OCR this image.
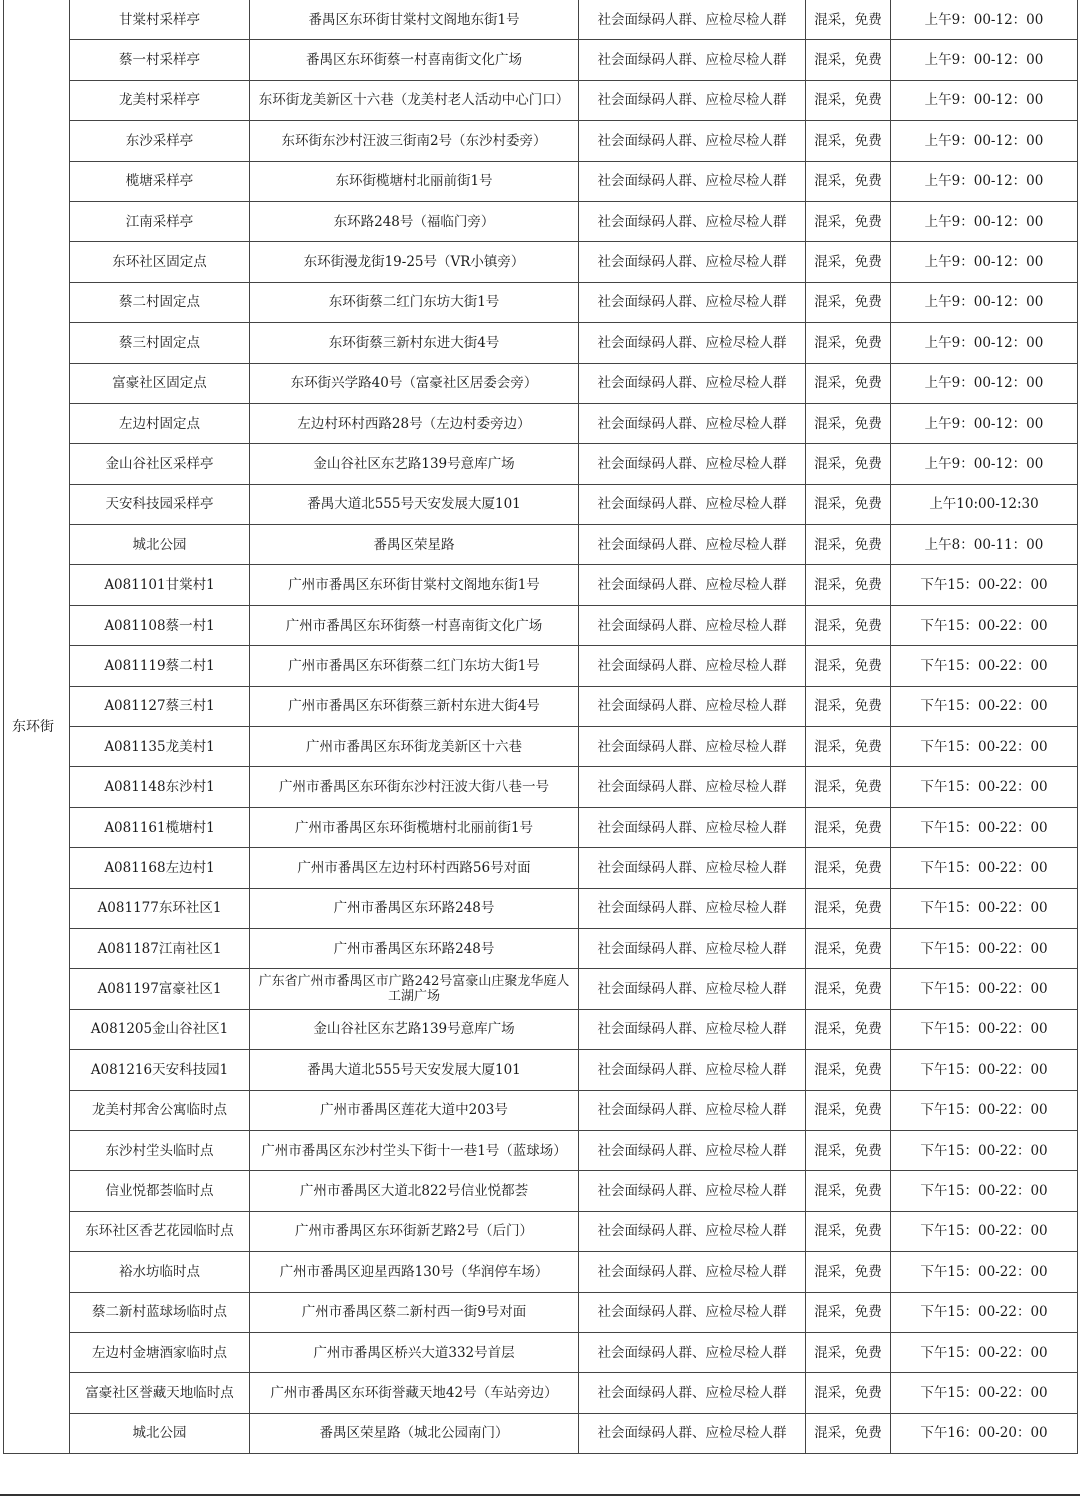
东环街	甘棠村采样亭	番禺区东环街甘棠村文阁地东街1号	社会面绿码人群、应检尽检人群	混采，免费	上午9：00-12：00
	蔡一村采样亭	番禺区东环街蔡一村喜南街文化广场	社会面绿码人群、应检尽检人群	混采，免费	上午9：00-12：00
	龙美村采样亭	东环街龙美新区十六巷（龙美村老人活动中心门口）	社会面绿码人群、应检尽检人群	混采，免费	上午9：00-12：00
	东沙采样亭	东环街东沙村汪波三街南2号（东沙村委旁）	社会面绿码人群、应检尽检人群	混采，免费	上午9：00-12：00
	榄塘采样亭	东环街榄塘村北丽前街1号	社会面绿码人群、应检尽检人群	混采，免费	上午9：00-12：00
	江南采样亭	东环路248号（福临门旁）	社会面绿码人群、应检尽检人群	混采，免费	上午9：00-12：00
	东环社区固定点	东环街漫龙街19-25号（VR小镇旁）	社会面绿码人群、应检尽检人群	混采，免费	上午9：00-12：00
	蔡二村固定点	东环街蔡二红门东坊大街1号	社会面绿码人群、应检尽检人群	混采，免费	上午9：00-12：00
	蔡三村固定点	东环街蔡三新村东进大街4号	社会面绿码人群、应检尽检人群	混采，免费	上午9：00-12：00
	富豪社区固定点	东环街兴学路40号（富豪社区居委会旁）	社会面绿码人群、应检尽检人群	混采，免费	上午9：00-12：00
	左边村固定点	左边村环村西路28号（左边村委旁边）	社会面绿码人群、应检尽检人群	混采，免费	上午9：00-12：00
	金山谷社区采样亭	金山谷社区东艺路139号意库广场	社会面绿码人群、应检尽检人群	混采，免费	上午9：00-12：00
	天安科技园采样亭	番禺大道北555号天安发展大厦101	社会面绿码人群、应检尽检人群	混采，免费	上午10:00-12:30
	城北公园	番禺区荣星路	社会面绿码人群、应检尽检人群	混采，免费	上午8：00-11：00
	A081101甘棠村1	广州市番禺区东环街甘棠村文阁地东街1号	社会面绿码人群、应检尽检人群	混采，免费	下午15：00-22：00
	A081108蔡一村1	广州市番禺区东环街蔡一村喜南街文化广场	社会面绿码人群、应检尽检人群	混采，免费	下午15：00-22：00
	A081119蔡二村1	广州市番禺区东环街蔡二红门东坊大街1号	社会面绿码人群、应检尽检人群	混采，免费	下午15：00-22：00
	A081127蔡三村1	广州市番禺区东环街蔡三新村东进大街4号	社会面绿码人群、应检尽检人群	混采，免费	下午15：00-22：00
	A081135龙美村1	广州市番禺区东环街龙美新区十六巷	社会面绿码人群、应检尽检人群	混采，免费	下午15：00-22：00
	A081148东沙村1	广州市番禺区东环街东沙村汪波大街八巷一号	社会面绿码人群、应检尽检人群	混采，免费	下午15：00-22：00
	A081161榄塘村1	广州市番禺区东环街榄塘村北丽前街1号	社会面绿码人群、应检尽检人群	混采，免费	下午15：00-22：00
	A081168左边村1	广州市番禺区左边村环村西路56号对面	社会面绿码人群、应检尽检人群	混采，免费	下午15：00-22：00
	A081177东环社区1	广州市番禺区东环路248号	社会面绿码人群、应检尽检人群	混采，免费	下午15：00-22：00
	A081187江南社区1	广州市番禺区东环路248号	社会面绿码人群、应检尽检人群	混采，免费	下午15：00-22：00
	A081197富豪社区1	广东省广州市番禺区市广路242号富豪山庄聚龙华庭人工湖广场	社会面绿码人群、应检尽检人群	混采，免费	下午15：00-22：00
	A081205金山谷社区1	金山谷社区东艺路139号意库广场	社会面绿码人群、应检尽检人群	混采，免费	下午15：00-22：00
	A081216天安科技园1	番禺大道北555号天安发展大厦101	社会面绿码人群、应检尽检人群	混采，免费	下午15：00-22：00
	龙美村邦舍公寓临时点	广州市番禺区莲花大道中203号	社会面绿码人群、应检尽检人群	混采，免费	下午15：00-22：00
	东沙村坣头临时点	广州市番禺区东沙村坣头下街十一巷1号（蓝球场）	社会面绿码人群、应检尽检人群	混采，免费	下午15：00-22：00
	信业悦都荟临时点	广州市番禺区大道北822号信业悦都荟	社会面绿码人群、应检尽检人群	混采，免费	下午15：00-22：00
	东环社区香艺花园临时点	广州市番禺区东环街新艺路2号（后门）	社会面绿码人群、应检尽检人群	混采，免费	下午15：00-22：00
	裕水坊临时点	广州市番禺区迎星西路130号（华润停车场）	社会面绿码人群、应检尽检人群	混采，免费	下午15：00-22：00
	蔡二新村蓝球场临时点	广州市番禺区蔡二新村西一街9号对面	社会面绿码人群、应检尽检人群	混采，免费	下午15：00-22：00
	左边村金塘酒家临时点	广州市番禺区桥兴大道332号首层	社会面绿码人群、应检尽检人群	混采，免费	下午15：00-22：00
	富豪社区誉藏天地临时点	广州市番禺区东环街誉藏天地42号（车站旁边）	社会面绿码人群、应检尽检人群	混采，免费	下午15：00-22：00
	城北公园	番禺区荣星路（城北公园南门）	社会面绿码人群、应检尽检人群	混采，免费	下午16：00-20：00
